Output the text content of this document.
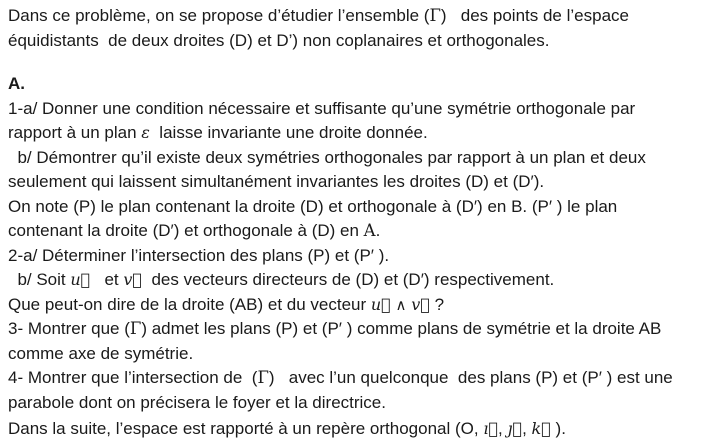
Dans ce problème, on se propose d’étudier l’ensemble (Γ)   des points de l’espace
équidistants  de deux droites (D) et D’) non coplanaires et orthogonales.
A.
1-a/ Donner une condition nécessaire et suffisante qu’une symétrie orthogonale par
rapport à un plan ε  laisse invariante une droite donnée.
b/ Démontrer qu’il existe deux symétries orthogonales par rapport à un plan et deux
seulement qui laissent simultanément invariantes les droites (D) et (D′).
On note (P) le plan contenant la droite (D) et orthogonale à (D′) en B. (P′ ) le plan
contenant la droite (D′) et orthogonale à (D) en A.
2-a/ Déterminer l’intersection des plans (P) et (P′ ).
b/ Soit u⃗   et v⃗  des vecteurs directeurs de (D) et (D′) respectivement.
Que peut-on dire de la droite (AB) et du vecteur u⃗ ∧ v⃗ ?
3- Montrer que (Γ) admet les plans (P) et (P′ ) comme plans de symétrie et la droite AB
comme axe de symétrie.
4- Montrer que l’intersection de  (Γ)   avec l’un quelconque  des plans (P) et (P′ ) est une
parabole dont on précisera le foyer et la directrice.
Dans la suite, l’espace est rapporté à un repère orthogonal (O, ı⃗, ȷ⃗, k⃗ ).
